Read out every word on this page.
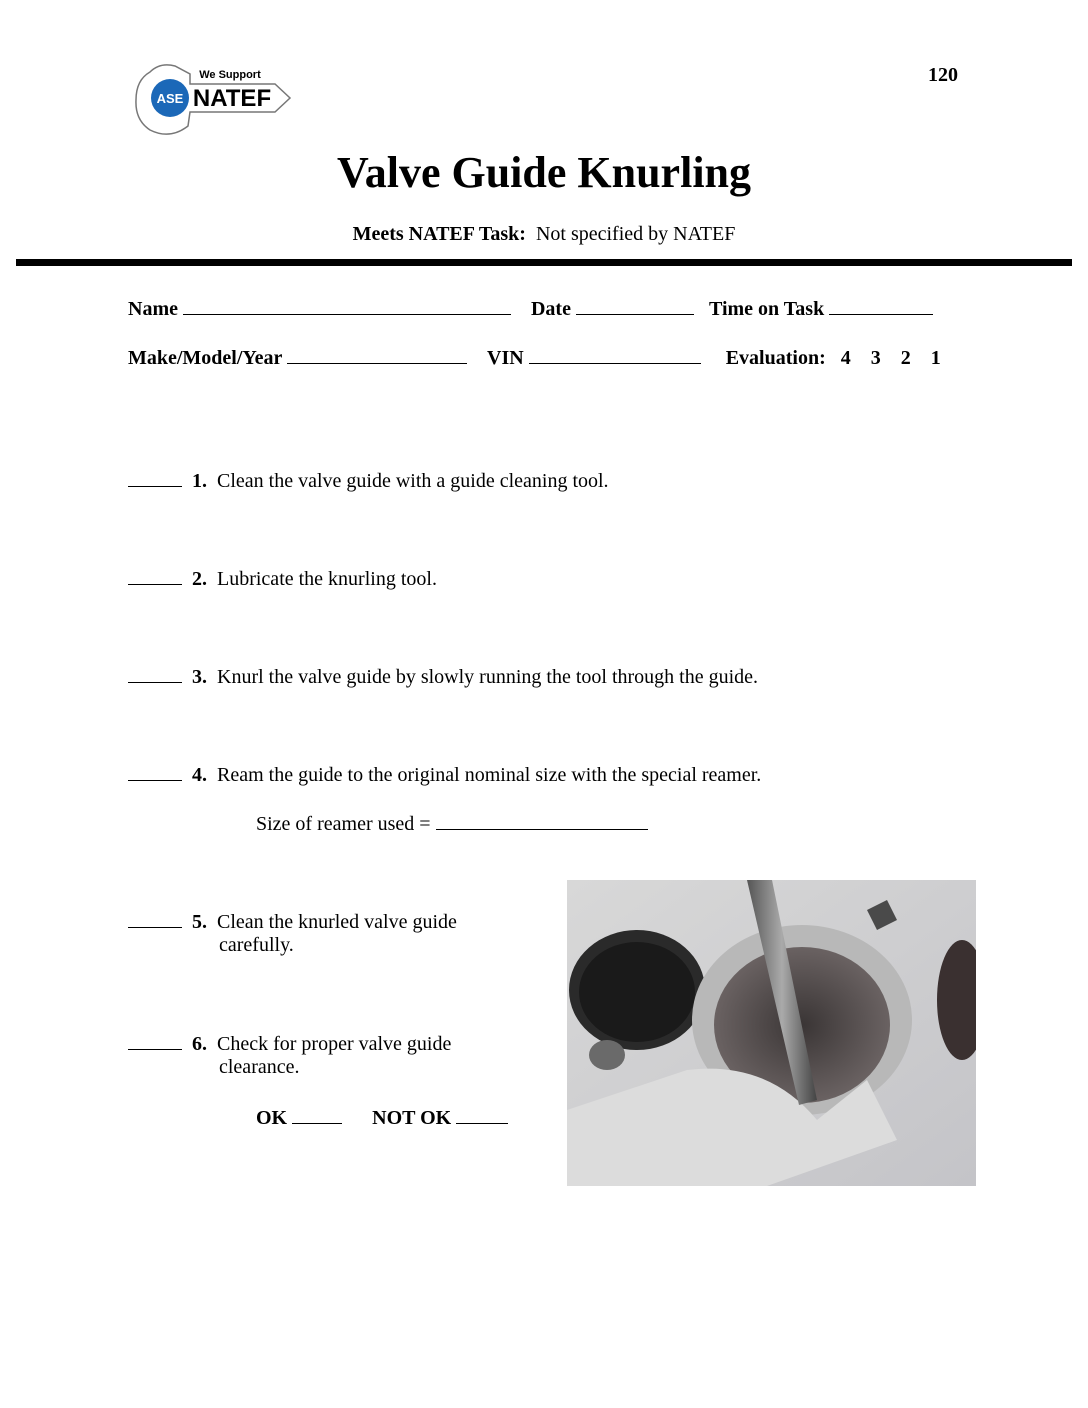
ASE
We Support
NATEF
120
Valve Guide Knurling
Meets NATEF Task: Not specified by NATEF
Name	Date	Time on Task
Make/Model/Year	VIN	Evaluation: 4 3 2 1
1. Clean the valve guide with a guide cleaning tool.
2. Lubricate the knurling tool.
3. Knurl the valve guide by slowly running the tool through the guide.
4. Ream the guide to the original nominal size with the special reamer.
Size of reamer used =
5. Clean the knurled valve guide
carefully.
6. Check for proper valve guide
clearance.
OK	NOT OK
